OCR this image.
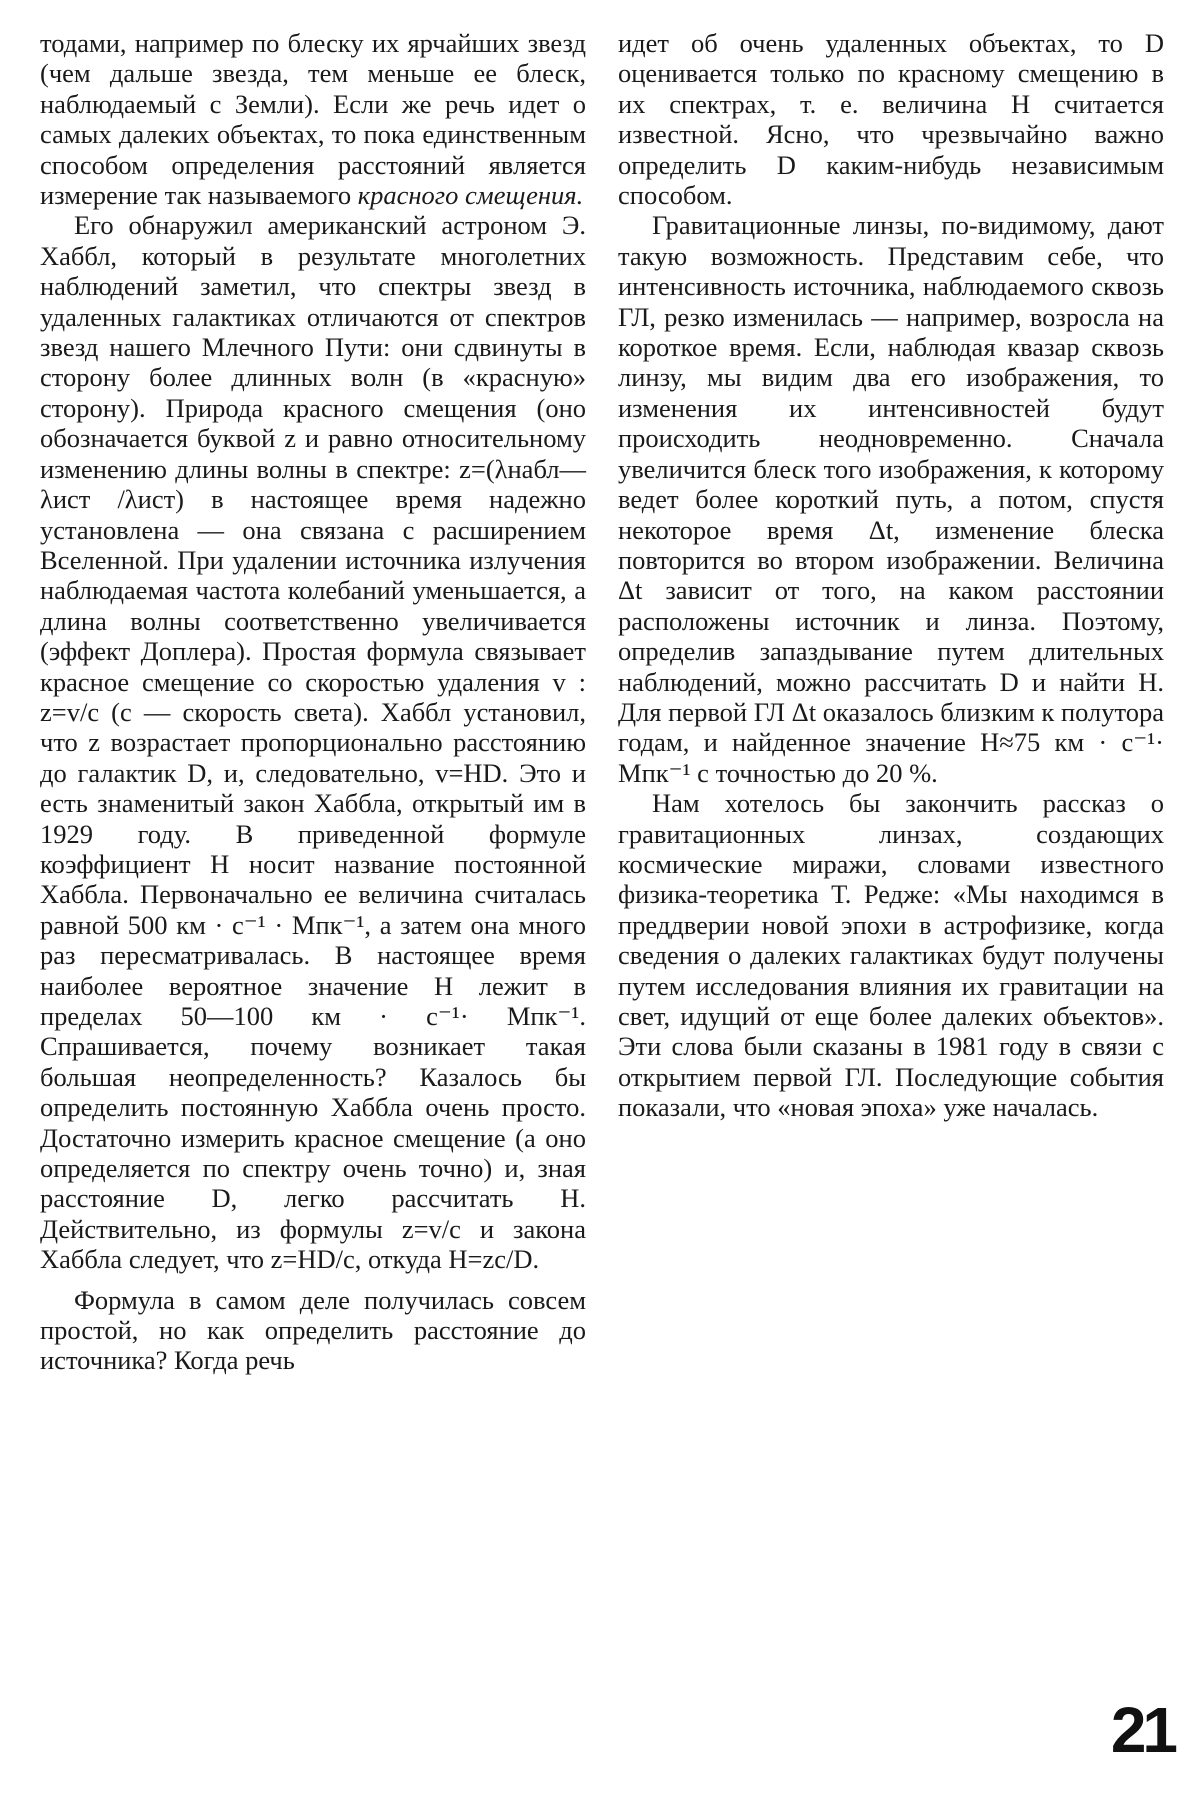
тодами, например по блеску их ярчайших звезд (чем дальше звезда, тем меньше ее блеск, наблюдаемый с Земли). Если же речь идет о самых далеких объектах, то пока единственным способом определения расстояний является измерение так называемого красного смещения.

Его обнаружил американский астроном Э. Хаббл, который в результате многолетних наблюдений заметил, что спектры звезд в удаленных галактиках отличаются от спектров звезд нашего Млечного Пути: они сдвинуты в сторону более длинных волн (в «красную» сторону). Природа красного смещения (оно обозначается буквой z и равно относительному изменению длины волны в спектре: z=(λнабл—λист /λист) в настоящее время надежно установлена — она связана с расширением Вселенной. При удалении источника излучения наблюдаемая частота колебаний уменьшается, а длина волны соответственно увеличивается (эффект Доплера). Простая формула связывает красное смещение со скоростью удаления v : z=v/c (c — скорость света). Хаббл установил, что z возрастает пропорционально расстоянию до галактик D, и, следовательно, v=HD. Это и есть знаменитый закон Хаббла, открытый им в 1929 году. В приведенной формуле коэффициент H носит название постоянной Хаббла. Первоначально ее величина считалась равной 500 км · с⁻¹ · Мпк⁻¹, а затем она много раз пересматривалась. В настоящее время наиболее вероятное значение H лежит в пределах 50—100 км · с⁻¹· Мпк⁻¹. Спрашивается, почему возникает такая большая неопределенность? Казалось бы определить постоянную Хаббла очень просто. Достаточно измерить красное смещение (а оно определяется по спектру очень точно) и, зная расстояние D, легко рассчитать H. Действительно, из формулы z=v/c и закона Хаббла следует, что z=HD/c, откуда H=zc/D.

Формула в самом деле получилась совсем простой, но как определить расстояние до источника? Когда речь

идет об очень удаленных объектах, то D оценивается только по красному смещению в их спектрах, т. е. величина H считается известной. Ясно, что чрезвычайно важно определить D каким-нибудь независимым способом.

Гравитационные линзы, по-видимому, дают такую возможность. Представим себе, что интенсивность источника, наблюдаемого сквозь ГЛ, резко изменилась — например, возросла на короткое время. Если, наблюдая квазар сквозь линзу, мы видим два его изображения, то изменения их интенсивностей будут происходить неодновременно. Сначала увеличится блеск того изображения, к которому ведет более короткий путь, а потом, спустя некоторое время Δt, изменение блеска повторится во втором изображении. Величина Δt зависит от того, на каком расстоянии расположены источник и линза. Поэтому, определив запаздывание путем длительных наблюдений, можно рассчитать D и найти H. Для первой ГЛ Δt оказалось близким к полутора годам, и найденное значение H≈75 км · с⁻¹· Мпк⁻¹ с точностью до 20 %.

Нам хотелось бы закончить рассказ о гравитационных линзах, создающих космические миражи, словами известного физика-теоретика Т. Редже: «Мы находимся в преддверии новой эпохи в астрофизике, когда сведения о далеких галактиках будут получены путем исследования влияния их гравитации на свет, идущий от еще более далеких объектов». Эти слова были сказаны в 1981 году в связи с открытием первой ГЛ. Последующие события показали, что «новая эпоха» уже началась.

21
